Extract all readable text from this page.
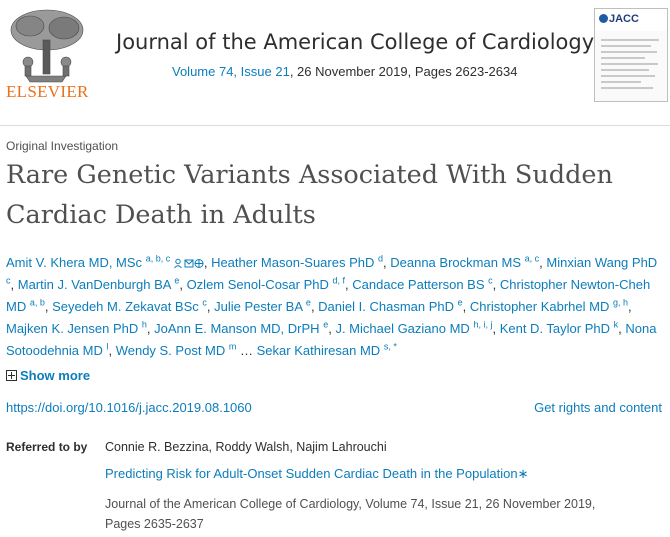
ELSEVIER
Journal of the American College of Cardiology
Volume 74, Issue 21, 26 November 2019, Pages 2623-2634
JACC
Original Investigation
Rare Genetic Variants Associated With Sudden Cardiac Death in Adults
Amit V. Khera MD, MSc $^{a, b, c}$	, Heather Mason-Suares PhD $^d$, Deanna Brockman MS $^{a, c}$, Minxian Wang PhD $^c$, Martin J. VanDenburgh BA $^e$, Ozlem Senol-Cosar PhD $^{d, f}$, Candace Patterson BS $^c$, Christopher Newton-Cheh MD $^{a, b}$, Seyedeh M. Zekavat BSc $^c$, Julie Pester BA $^e$, Daniel I. Chasman PhD $^e$, Christopher Kabrhel MD $^{g, h}$, Majken K. Jensen PhD $^h$, JoAnn E. Manson MD, DrPH $^e$, J. Michael Gaziano MD $^{h, i, j}$, Kent D. Taylor PhD $^k$, Nona Sotoodehnia MD $^l$, Wendy S. Post MD $^m$ … Sekar Kathiresan MD $^{s, *}$
Show more
https://doi.org/10.1016/j.jacc.2019.08.1060	Get rights and content
Referred to by Connie R. Bezzina, Roddy Walsh, Najim Lahrouchi
Predicting Risk for Adult-Onset Sudden Cardiac Death in the Population∗
Journal of the American College of Cardiology, Volume 74, Issue 21, 26 November 2019, Pages 2635-2637
